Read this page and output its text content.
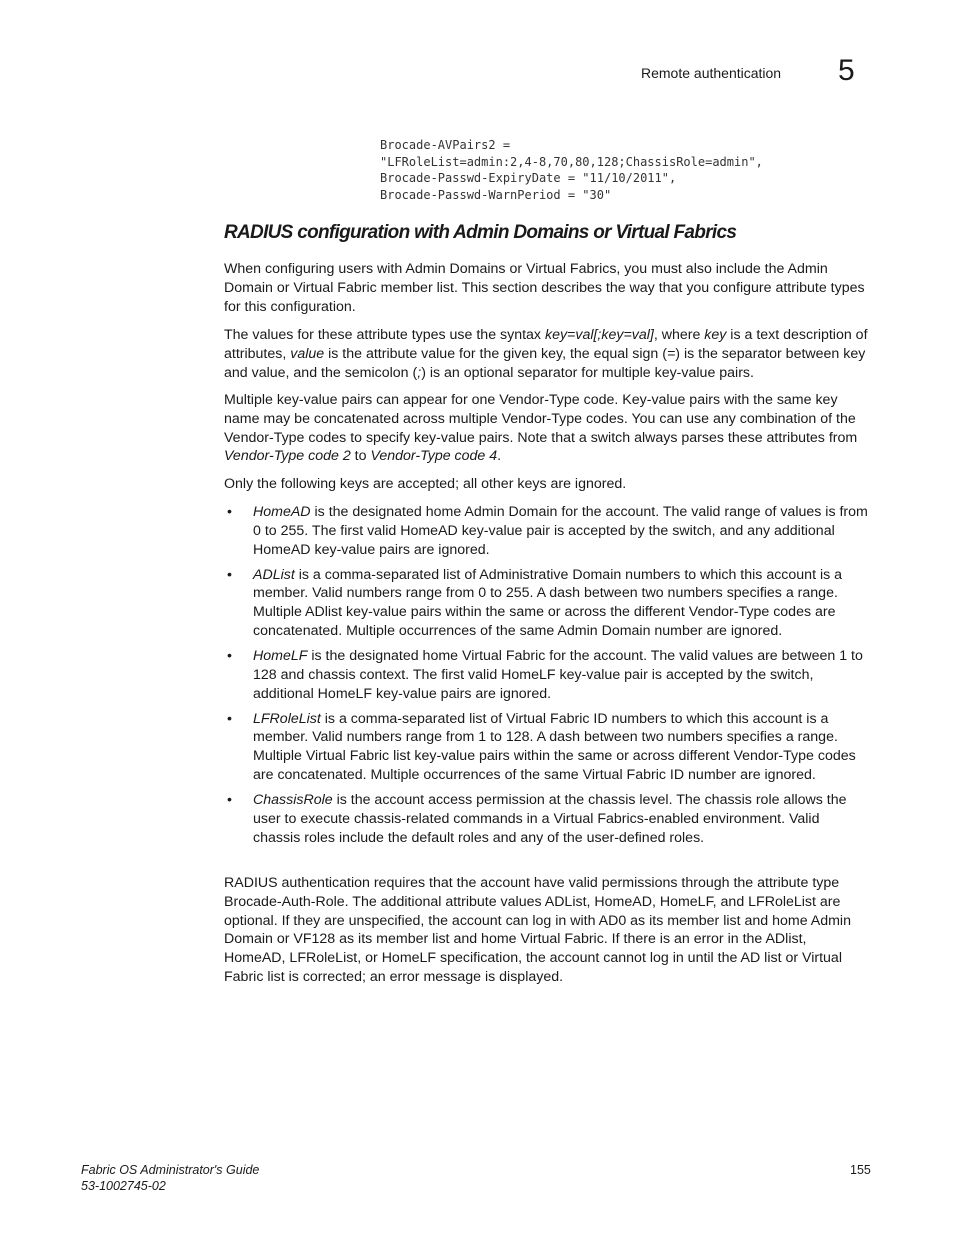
Remote authentication 5
Brocade-AVPairs2 =
"LFRoleList=admin:2,4-8,70,80,128;ChassisRole=admin",
Brocade-Passwd-ExpiryDate = "11/10/2011",
Brocade-Passwd-WarnPeriod = "30"
RADIUS configuration with Admin Domains or Virtual Fabrics

When configuring users with Admin Domains or Virtual Fabrics, you must also include the Admin Domain or Virtual Fabric member list. This section describes the way that you configure attribute types for this configuration.

The values for these attribute types use the syntax key=val[;key=val], where key is a text description of attributes, value is the attribute value for the given key, the equal sign (=) is the separator between key and value, and the semicolon (;) is an optional separator for multiple key-value pairs.

Multiple key-value pairs can appear for one Vendor-Type code. Key-value pairs with the same key name may be concatenated across multiple Vendor-Type codes. You can use any combination of the Vendor-Type codes to specify key-value pairs. Note that a switch always parses these attributes from Vendor-Type code 2 to Vendor-Type code 4.

Only the following keys are accepted; all other keys are ignored.

• HomeAD is the designated home Admin Domain for the account. The valid range of values is from 0 to 255. The first valid HomeAD key-value pair is accepted by the switch, and any additional HomeAD key-value pairs are ignored.
• ADList is a comma-separated list of Administrative Domain numbers to which this account is a member. Valid numbers range from 0 to 255. A dash between two numbers specifies a range. Multiple ADlist key-value pairs within the same or across the different Vendor-Type codes are concatenated. Multiple occurrences of the same Admin Domain number are ignored.
• HomeLF is the designated home Virtual Fabric for the account. The valid values are between 1 to 128 and chassis context. The first valid HomeLF key-value pair is accepted by the switch, additional HomeLF key-value pairs are ignored.
• LFRoleList is a comma-separated list of Virtual Fabric ID numbers to which this account is a member. Valid numbers range from 1 to 128. A dash between two numbers specifies a range. Multiple Virtual Fabric list key-value pairs within the same or across different Vendor-Type codes are concatenated. Multiple occurrences of the same Virtual Fabric ID number are ignored.
• ChassisRole is the account access permission at the chassis level. The chassis role allows the user to execute chassis-related commands in a Virtual Fabrics-enabled environment. Valid chassis roles include the default roles and any of the user-defined roles.

RADIUS authentication requires that the account have valid permissions through the attribute type Brocade-Auth-Role. The additional attribute values ADList, HomeAD, HomeLF, and LFRoleList are optional. If they are unspecified, the account can log in with AD0 as its member list and home Admin Domain or VF128 as its member list and home Virtual Fabric. If there is an error in the ADlist, HomeAD, LFRoleList, or HomeLF specification, the account cannot log in until the AD list or Virtual Fabric list is corrected; an error message is displayed.

Fabric OS Administrator's Guide
53-1002745-02
155
